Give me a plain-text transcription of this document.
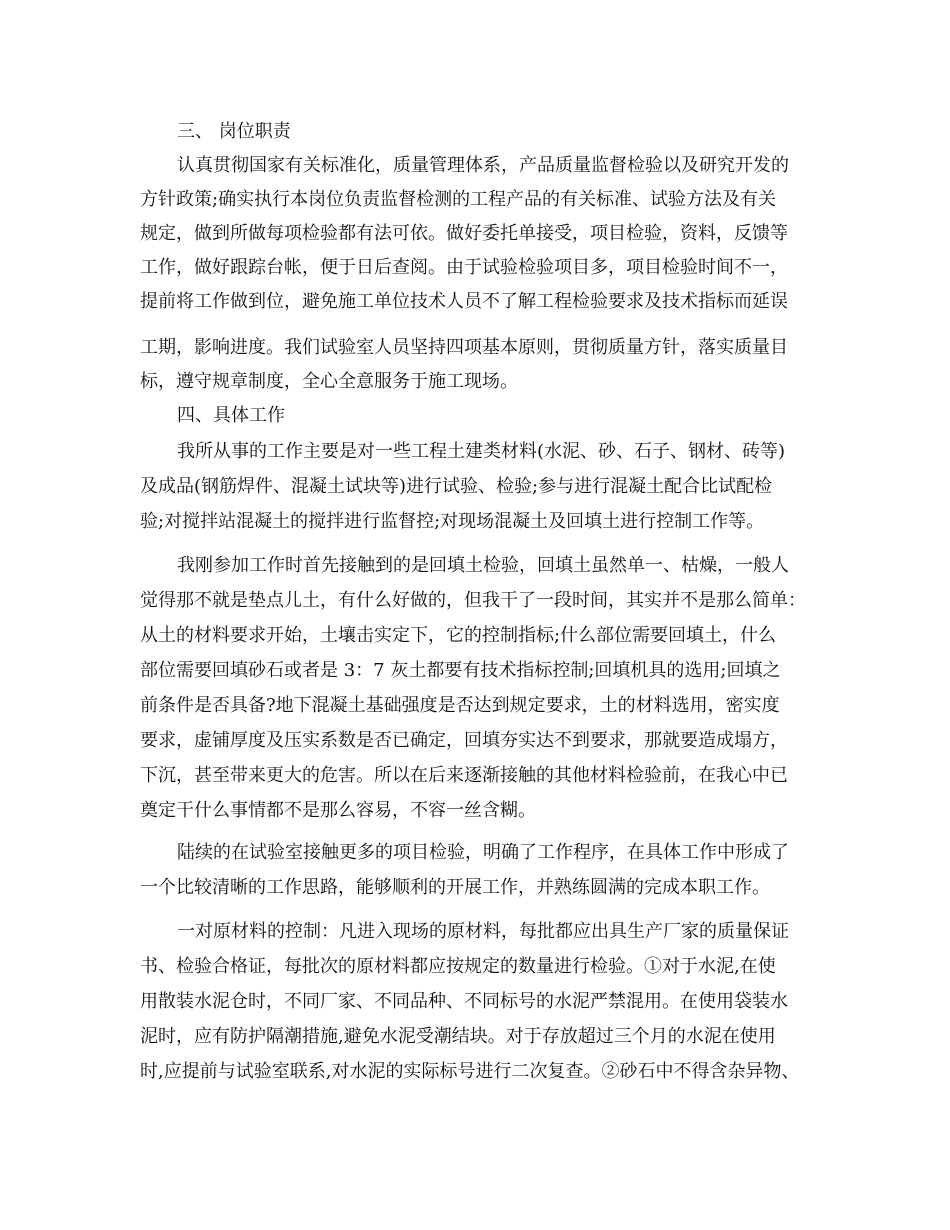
三、 岗位职责
认真贯彻国家有关标准化，质量管理体系，产品质量监督检验以及研究开发的
方针政策;确实执行本岗位负责监督检测的工程产品的有关标准、试验方法及有关
规定，做到所做每项检验都有法可依。做好委托单接受，项目检验，资料，反馈等
工作，做好跟踪台帐，便于日后查阅。由于试验检验项目多，项目检验时间不一，
提前将工作做到位，避免施工单位技术人员不了解工程检验要求及技术指标而延误
工期，影响进度。我们试验室人员坚持四项基本原则，贯彻质量方针，落实质量目
标，遵守规章制度，全心全意服务于施工现场。
四、具体工作
我所从事的工作主要是对一些工程土建类材料(水泥、砂、石子、钢材、砖等)
及成品(钢筋焊件、混凝土试块等)进行试验、检验;参与进行混凝土配合比试配检
验;对搅拌站混凝土的搅拌进行监督控;对现场混凝土及回填土进行控制工作等。
我刚参加工作时首先接触到的是回填土检验，回填土虽然单一、枯燥，一般人
觉得那不就是垫点儿土，有什么好做的，但我干了一段时间，其实并不是那么简单：
从土的材料要求开始，土壤击实定下，它的控制指标;什么部位需要回填土，什么
部位需要回填砂石或者是 3：7 灰土都要有技术指标控制;回填机具的选用;回填之
前条件是否具备?地下混凝土基础强度是否达到规定要求，土的材料选用，密实度
要求，虚铺厚度及压实系数是否已确定，回填夯实达不到要求，那就要造成塌方，
下沉，甚至带来更大的危害。所以在后来逐渐接触的其他材料检验前，在我心中已
奠定干什么事情都不是那么容易，不容一丝含糊。
陆续的在试验室接触更多的项目检验，明确了工作程序，在具体工作中形成了
一个比较清晰的工作思路，能够顺利的开展工作，并熟练圆满的完成本职工作。
一对原材料的控制：凡进入现场的原材料，每批都应出具生产厂家的质量保证
书、检验合格证，每批次的原材料都应按规定的数量进行检验。①对于水泥,在使
用散装水泥仓时，不同厂家、不同品种、不同标号的水泥严禁混用。在使用袋装水
泥时，应有防护隔潮措施,避免水泥受潮结块。对于存放超过三个月的水泥在使用
时,应提前与试验室联系,对水泥的实际标号进行二次复查。②砂石中不得含杂异物、
